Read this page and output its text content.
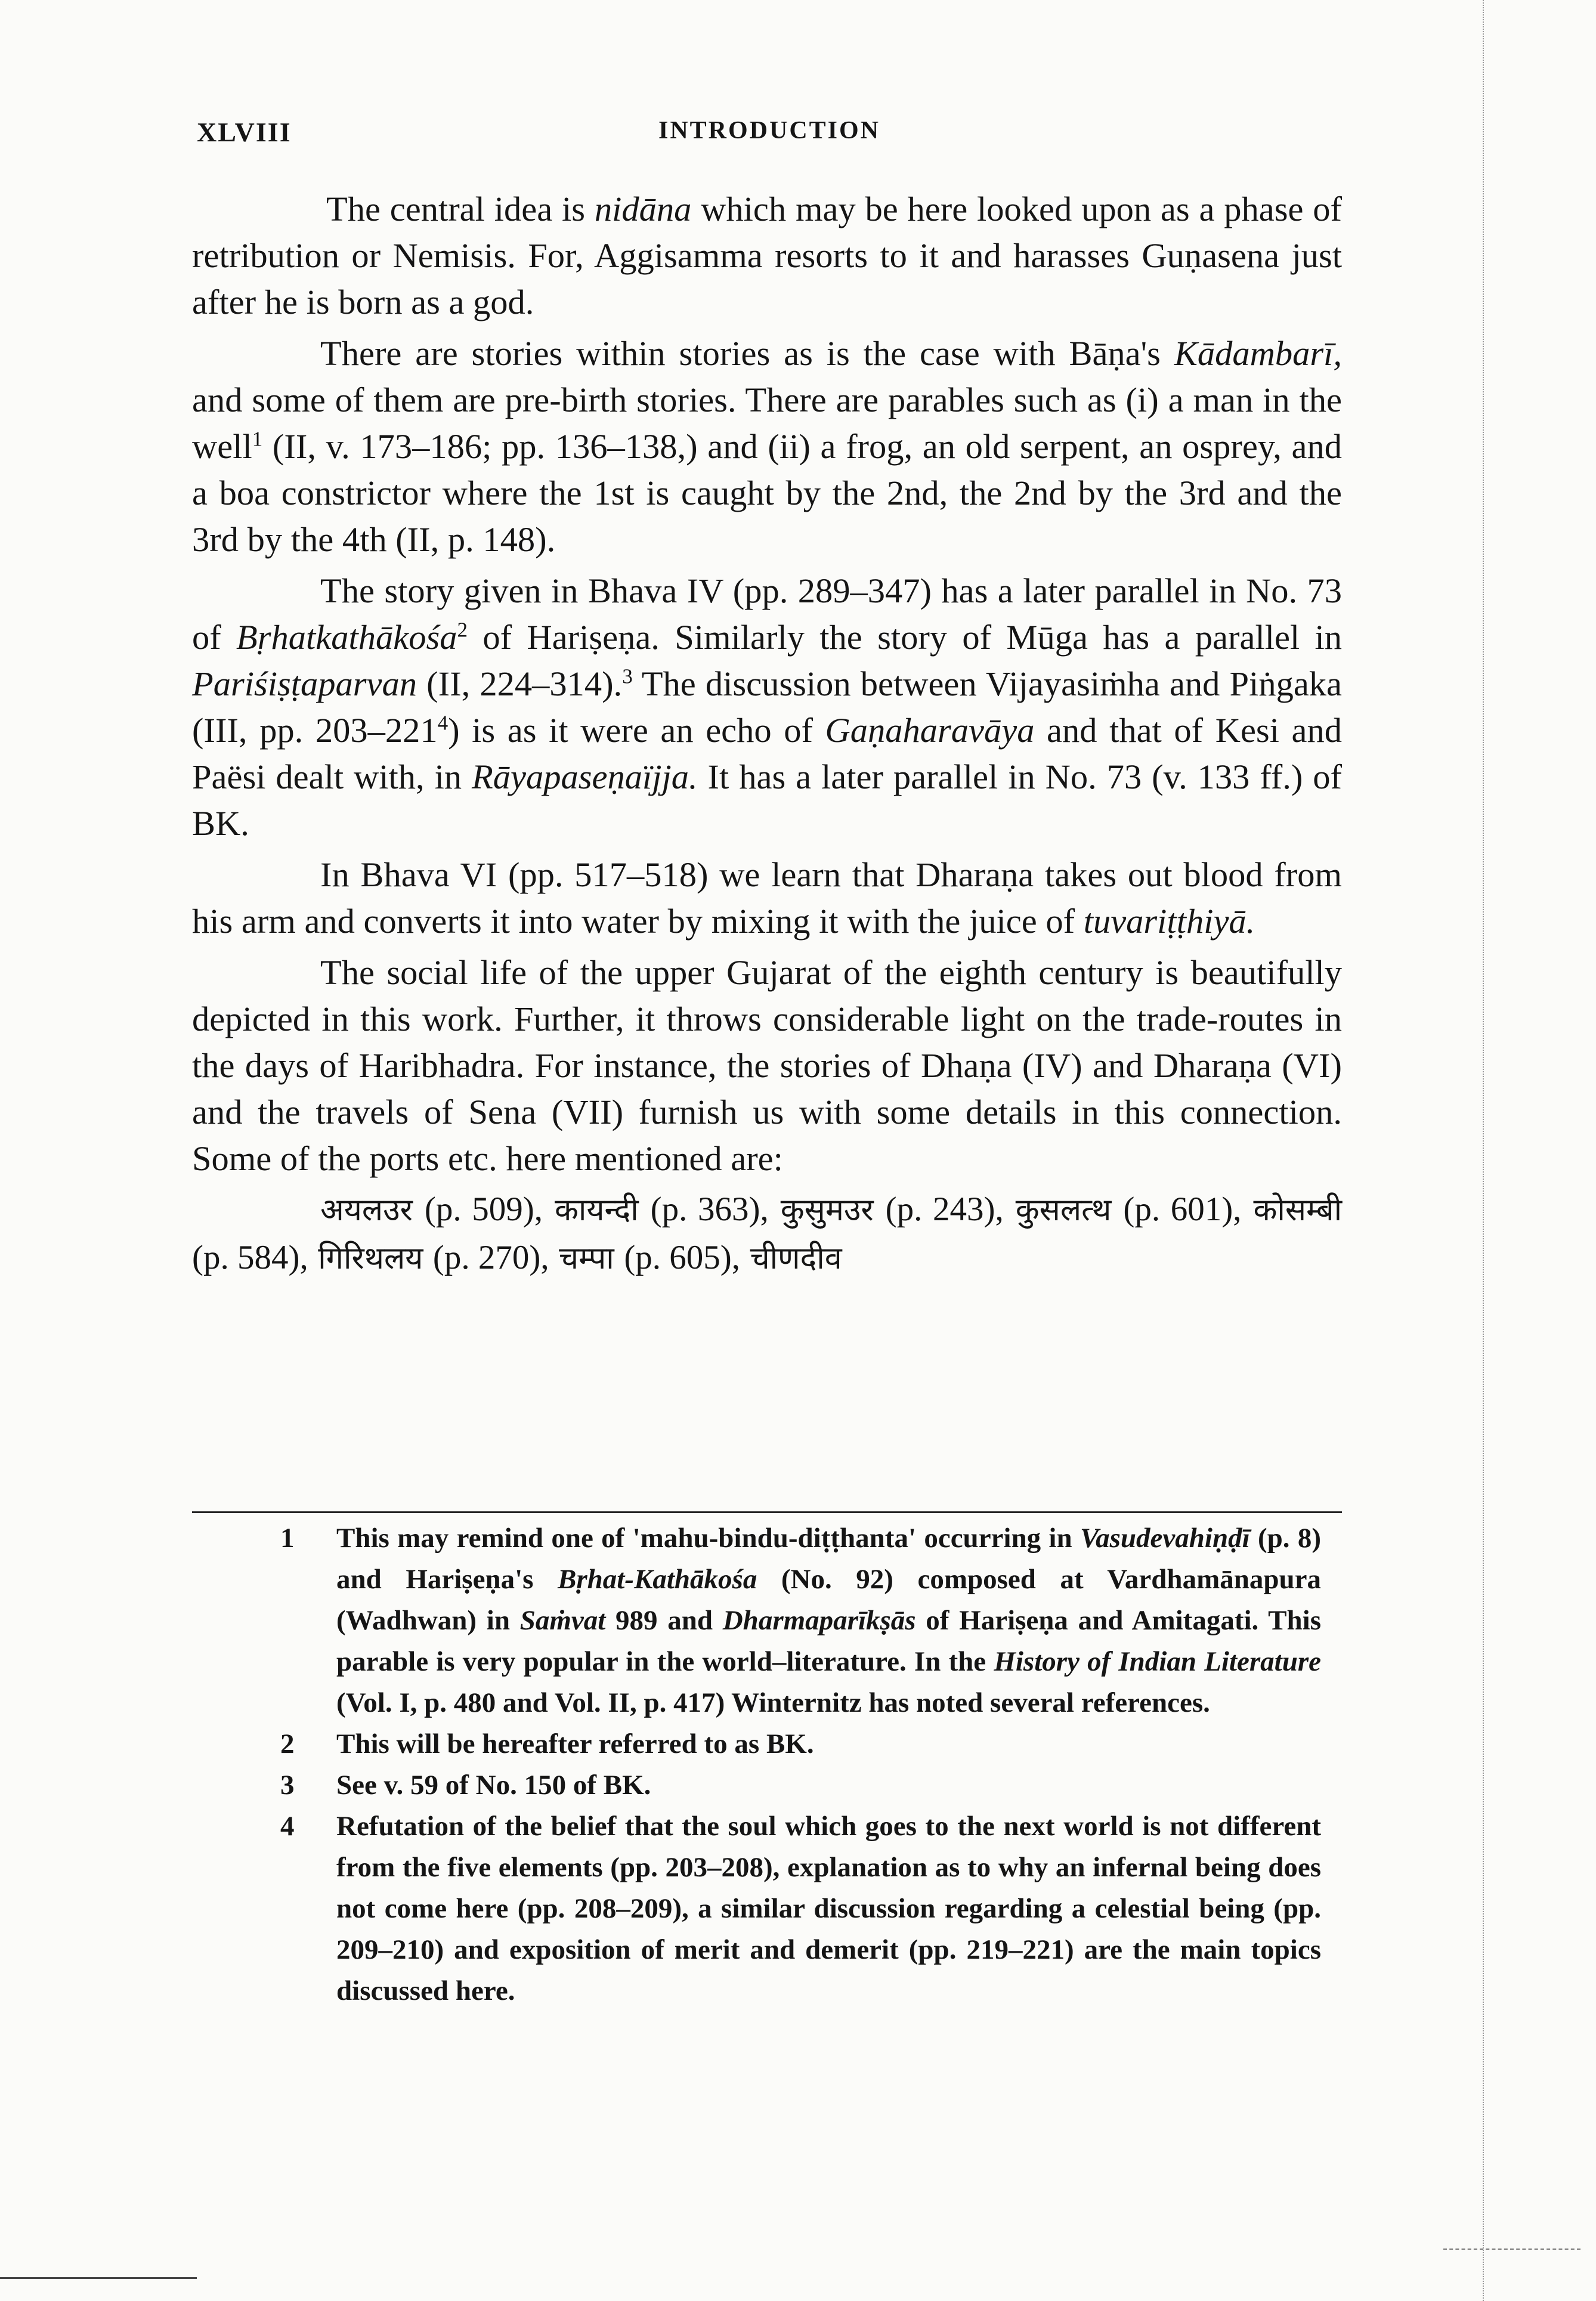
XLVIII	INTRODUCTION

The central idea is nidāna which may be here looked upon as a phase of retribution or Nemisis. For, Aggisamma resorts to it and harasses Guṇasena just after he is born as a god.

There are stories within stories as is the case with Bāṇa's Kādambarī, and some of them are pre-birth stories. There are parables such as (i) a man in the well$^1$ (II, v. 173–186; pp. 136–138,) and (ii) a frog, an old serpent, an osprey, and a boa constrictor where the 1st is caught by the 2nd, the 2nd by the 3rd and the 3rd by the 4th (II, p. 148).

The story given in Bhava IV (pp. 289–347) has a later parallel in No. 73 of Bṛhatkathākośa$^2$ of Hariṣeṇa. Similarly the story of Mūga has a parallel in Pariśiṣṭaparvan (II, 224–314).$^3$ The discussion between Vijayasiṁha and Piṅgaka (III, pp. $203-221^4$) is as it were an echo of Gaṇaharavāya and that of Kesi and Paësi dealt with, in Rāyapaseṇaïjja. It has a later parallel in No. 73 (v. 133 ff.) of BK.

In Bhava VI (pp. 517–518) we learn that Dharaṇa takes out blood from his arm and converts it into water by mixing it with the juice of tuvariṭṭhiyā.

The social life of the upper Gujarat of the eighth century is beautifully depicted in this work. Further, it throws considerable light on the trade-routes in the days of Haribhadra. For instance, the stories of Dhaṇa (IV) and Dharaṇa (VI) and the travels of Sena (VII) furnish us with some details in this connection. Some of the ports etc. here mentioned are:

अयलउर (p. 509), कायन्दी (p. 363), कुसुमउर (p. 243), कुसलत्थ (p. 601), कोसम्बी (p. 584), गिरिथलय (p. 270), चम्पा (p. 605), चीणदीव

1	This may remind one of 'mahu-bindu-diṭṭhanta' occurring in Vasudevahiṇḍī (p. 8) and Hariṣeṇa's Bṛhat-Kathākośa (No. 92) composed at Vardhamānapura (Wadhwan) in Saṁvat 989 and Dharmaparīkṣās of Hariṣeṇa and Amitagati. This parable is very popular in the world–literature. In the History of Indian Literature (Vol. I, p. 480 and Vol. II, p. 417) Winternitz has noted several references.
2	This will be hereafter referred to as BK.
3	See v. 59 of No. 150 of BK.
4	Refutation of the belief that the soul which goes to the next world is not different from the five elements (pp. 203–208), explanation as to why an infernal being does not come here (pp. 208–209), a similar discussion regarding a celestial being (pp. 209–210) and exposition of merit and demerit (pp. 219–221) are the main topics discussed here.
